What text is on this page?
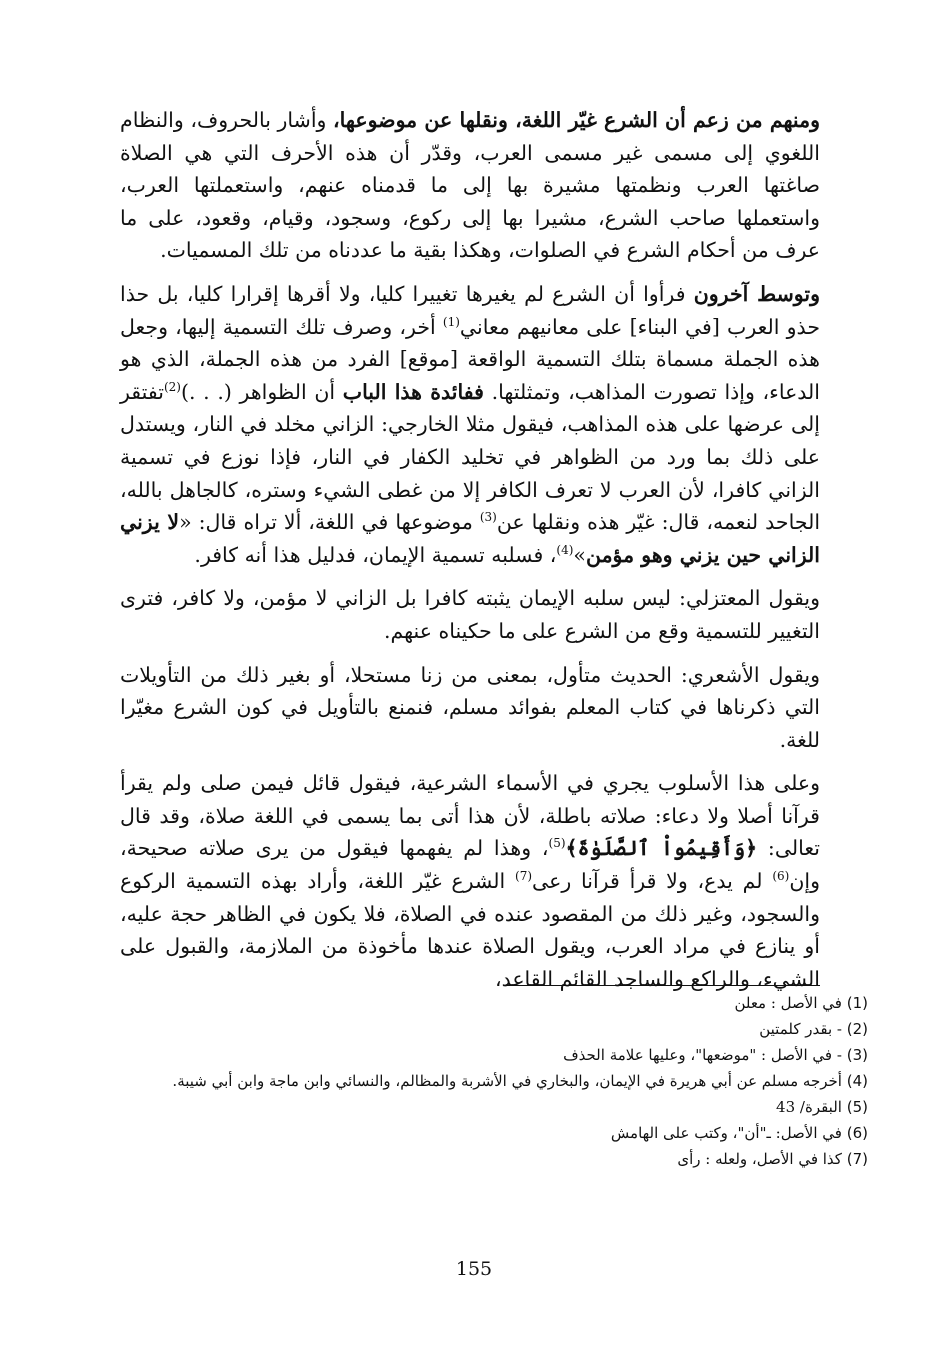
ومنهم من زعم أن الشرع غيّر اللغة، ونقلها عن موضوعها، وأشار بالحروف، والنظام اللغوي إلى مسمى غير مسمى العرب، وقدّر أن هذه الأحرف التي هي الصلاة صاغتها العرب ونظمتها مشيرة بها إلى ما قدمناه عنهم، واستعملتها العرب، واستعملها صاحب الشرع، مشيرا بها إلى ركوع، وسجود، وقيام، وقعود، على ما عرف من أحكام الشرع في الصلوات، وهكذا بقية ما عددناه من تلك المسميات.

وتوسط آخرون فرأوا أن الشرع لم يغيرها تغييرا كليا، ولا أقرها إقرارا كليا، بل حذا حذو العرب [في البناء] على معانيهم معاني$^{(1)}$ أخر، وصرف تلك التسمية إليها، وجعل هذه الجملة مسماة بتلك التسمية الواقعة [موقع] الفرد من هذه الجملة، الذي هو الدعاء، وإذا تصورت المذاهب، وتمثلتها. ففائدة هذا الباب أن الظواهر (. . .)$^{(2)}$تفتقر إلى عرضها على هذه المذاهب، فيقول مثلا الخارجي: الزاني مخلد في النار، ويستدل على ذلك بما ورد من الظواهر في تخليد الكفار في النار، فإذا نوزع في تسمية الزاني كافرا، لأن العرب لا تعرف الكافر إلا من غطى الشيء وستره، كالجاهل بالله، الجاحد لنعمه، قال: غيّر هذه ونقلها عن$^{(3)}$ موضوعها في اللغة، ألا تراه قال: «لا يزني الزاني حين يزني وهو مؤمن»$^{(4)}$، فسلبه تسمية الإيمان، فدليل هذا أنه كافر.

ويقول المعتزلي: ليس سلبه الإيمان يثبته كافرا بل الزاني لا مؤمن، ولا كافر، فترى التغيير للتسمية وقع من الشرع على ما حكيناه عنهم.

ويقول الأشعري: الحديث متأول، بمعنى من زنا مستحلا، أو بغير ذلك من التأويلات التي ذكرناها في كتاب المعلم بفوائد مسلم، فنمنع بالتأويل في كون الشرع مغيّرا للغة.

وعلى هذا الأسلوب يجري في الأسماء الشرعية، فيقول قائل فيمن صلى ولم يقرأ قرآنا أصلا ولا دعاء: صلاته باطلة، لأن هذا أتى بما يسمى في اللغة صلاة، وقد قال تعالى: ﴿وَأَقِيمُواْ ٱلصَّلَوٰةَ﴾$^{(5)}$، وهذا لم يفهمها فيقول من يرى صلاته صحيحة، وإن$^{(6)}$ لم يدع، ولا قرأ قرآنا رعى$^{(7)}$ الشرع غيّر اللغة، وأراد بهذه التسمية الركوع والسجود، وغير ذلك من المقصود عنده في الصلاة، فلا يكون في الظاهر حجة عليه، أو ينازع في مراد العرب، ويقول الصلاة عندها مأخوذة من الملازمة، والقبول على الشيء، والراكع والساجد القائم القاعد،

(1) في الأصل : معلن

(2) - بقدر كلمتين

(3) - في الأصل : "موضعها"، وعليها علامة الحذف

(4) أخرجه مسلم عن أبي هريرة في الإيمان، والبخاري في الأشربة والمظالم، والنسائي وابن ماجة وابن أبي شيبة.

(5) البقرة/ 43

(6) في الأصل: ـ"أن"، وكتب على الهامش

(7) كذا في الأصل، ولعله : رأى

155
